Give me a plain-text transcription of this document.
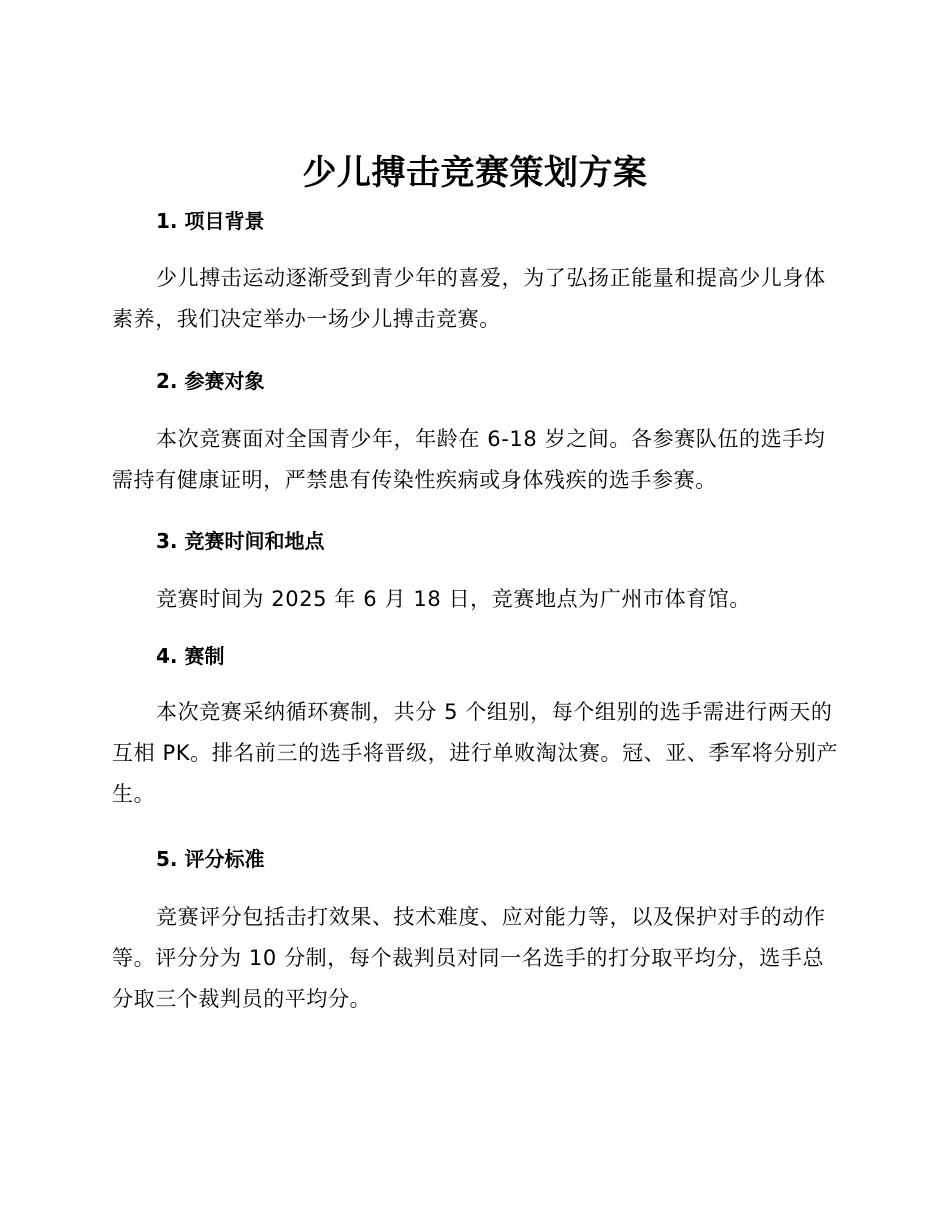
少儿搏击竞赛策划方案
1. 项目背景
少儿搏击运动逐渐受到青少年的喜爱，为了弘扬正能量和提高少儿身体素养，我们决定举办一场少儿搏击竞赛。
2. 参赛对象
本次竞赛面对全国青少年，年龄在 6-18 岁之间。各参赛队伍的选手均需持有健康证明，严禁患有传染性疾病或身体残疾的选手参赛。
3. 竞赛时间和地点
竞赛时间为 2025 年 6 月 18 日，竞赛地点为广州市体育馆。
4. 赛制
本次竞赛采纳循环赛制，共分 5 个组别，每个组别的选手需进行两天的互相 PK。排名前三的选手将晋级，进行单败淘汰赛。冠、亚、季军将分别产生。
5. 评分标准
竞赛评分包括击打效果、技术难度、应对能力等，以及保护对手的动作等。评分分为 10 分制，每个裁判员对同一名选手的打分取平均分，选手总分取三个裁判员的平均分。
